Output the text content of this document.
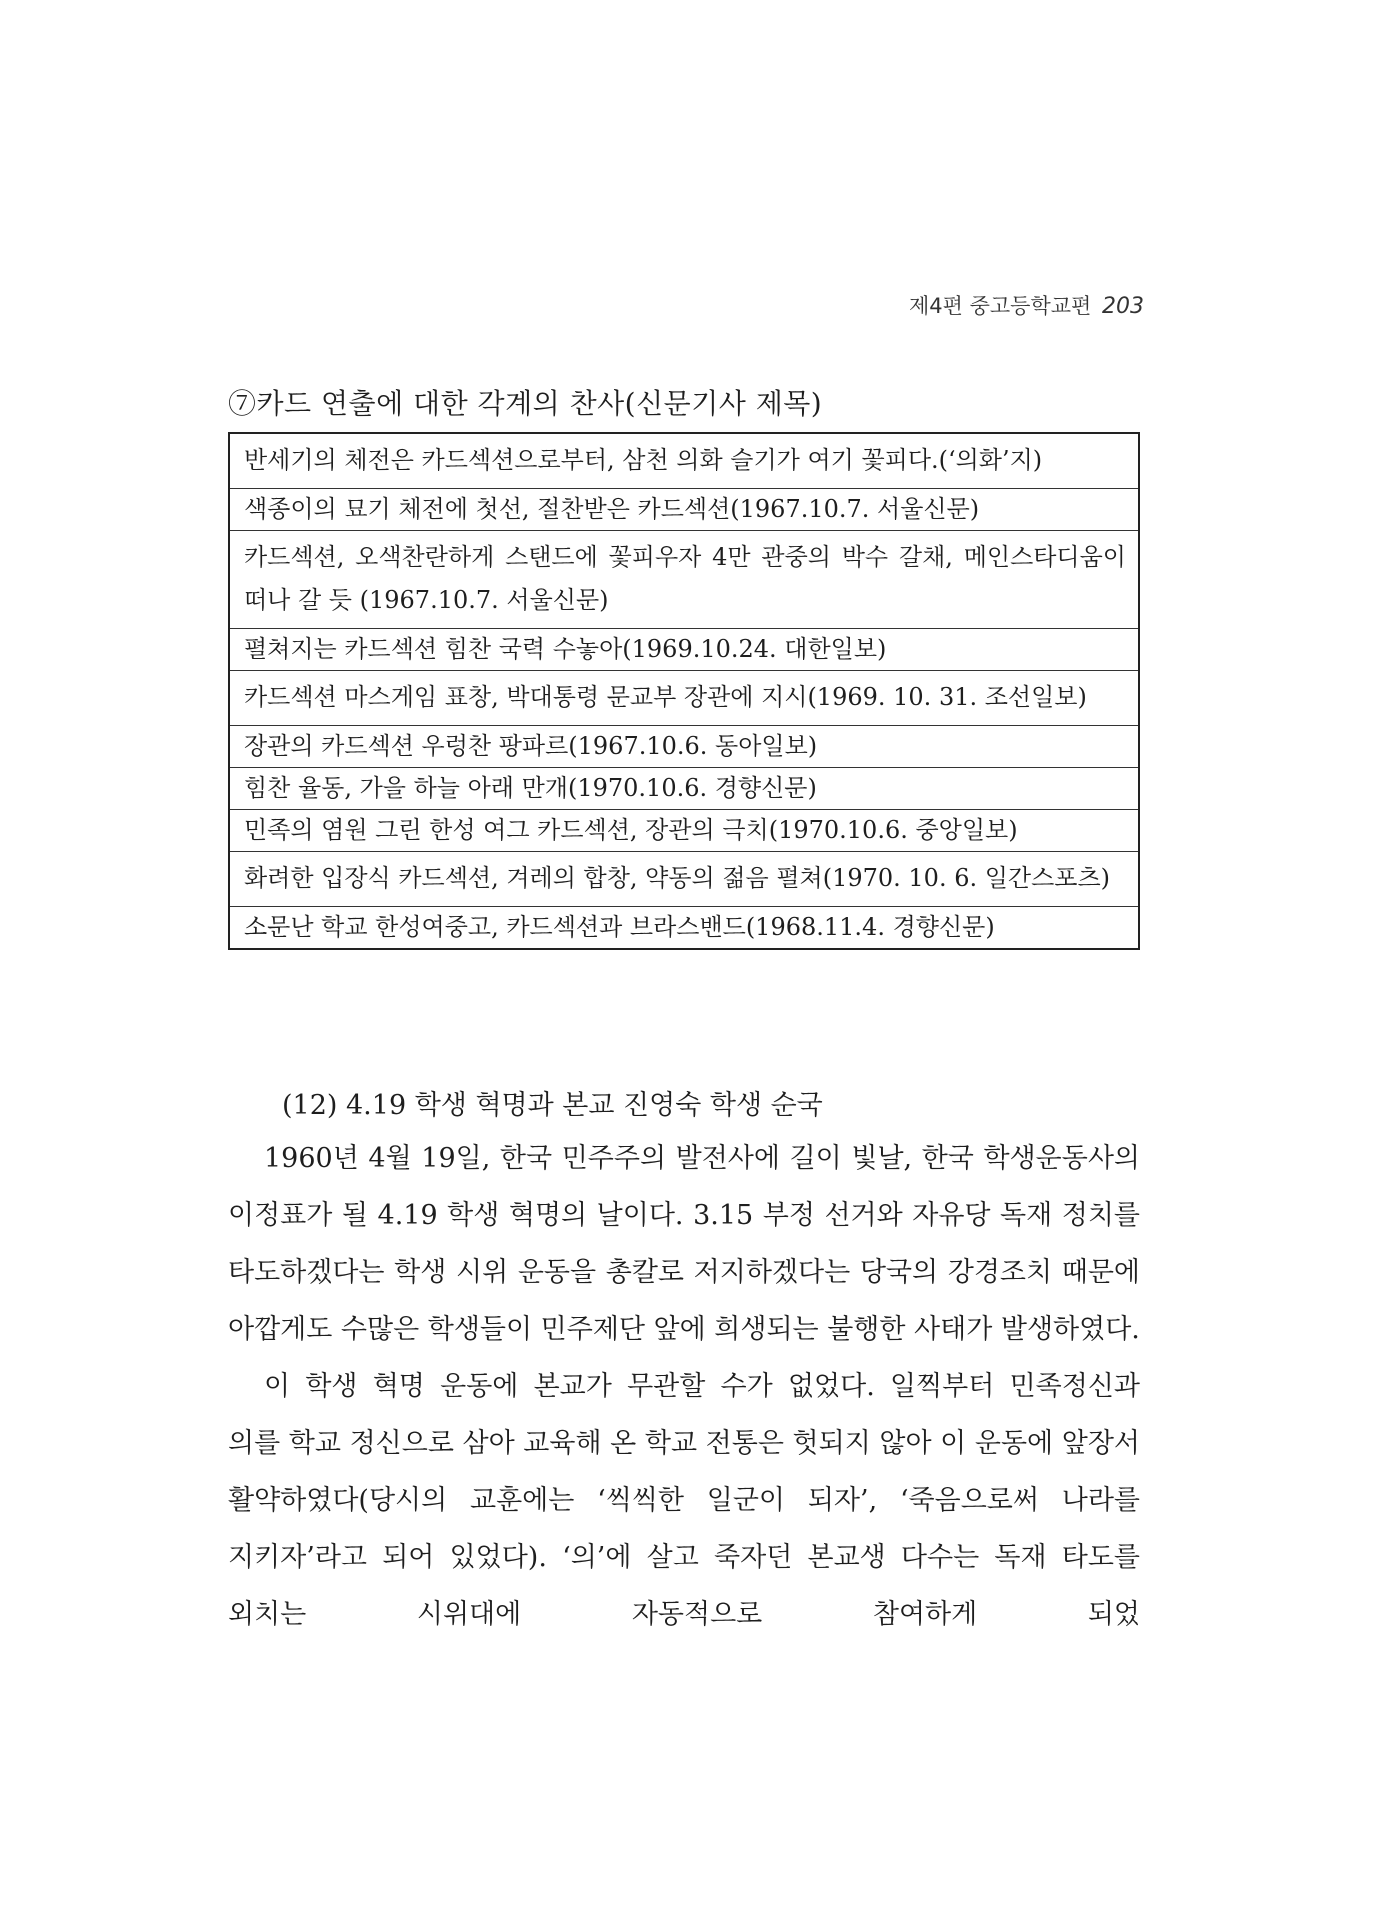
제4편 중고등학교편 203
⑦카드 연출에 대한 각계의 찬사(신문기사 제목)
반세기의 체전은 카드섹션으로부터, 삼천 의화 슬기가 여기 꽃피다.(‘의화’지)
색종이의 묘기 체전에 첫선, 절찬받은 카드섹션(1967.10.7. 서울신문)
카드섹션, 오색찬란하게 스탠드에 꽃피우자 4만 관중의 박수 갈채, 메인스타디움이 떠나 갈 듯 (1967.10.7. 서울신문)
펼쳐지는 카드섹션 힘찬 국력 수놓아(1969.10.24. 대한일보)
카드섹션 마스게임 표창, 박대통령 문교부 장관에 지시(1969. 10. 31. 조선일보)
장관의 카드섹션 우렁찬 팡파르(1967.10.6. 동아일보)
힘찬 율동, 가을 하늘 아래 만개(1970.10.6. 경향신문)
민족의 염원 그린 한성 여그 카드섹션, 장관의 극치(1970.10.6. 중앙일보)
화려한 입장식 카드섹션, 겨레의 합창, 약동의 젊음 펼쳐(1970. 10. 6. 일간스포츠)
소문난 학교 한성여중고, 카드섹션과 브라스밴드(1968.11.4. 경향신문)
(12) 4.19 학생 혁명과 본교 진영숙 학생 순국

1960년 4월 19일, 한국 민주주의 발전사에 길이 빛날, 한국 학생운동사의 이정표가 될 4.19 학생 혁명의 날이다. 3.15 부정 선거와 자유당 독재 정치를 타도하겠다는 학생 시위 운동을 총칼로 저지하겠다는 당국의 강경조치 때문에 아깝게도 수많은 학생들이 민주제단 앞에 희생되는 불행한 사태가 발생하였다.

이 학생 혁명 운동에 본교가 무관할 수가 없었다. 일찍부터 민족정신과 의를 학교 정신으로 삼아 교육해 온 학교 전통은 헛되지 않아 이 운동에 앞장서 활약하였다(당시의 교훈에는 ‘씩씩한 일군이 되자’, ‘죽음으로써 나라를 지키자’라고 되어 있었다). ‘의’에 살고 죽자던 본교생 다수는 독재 타도를 외치는 시위대에 자동적으로 참여하게 되었
